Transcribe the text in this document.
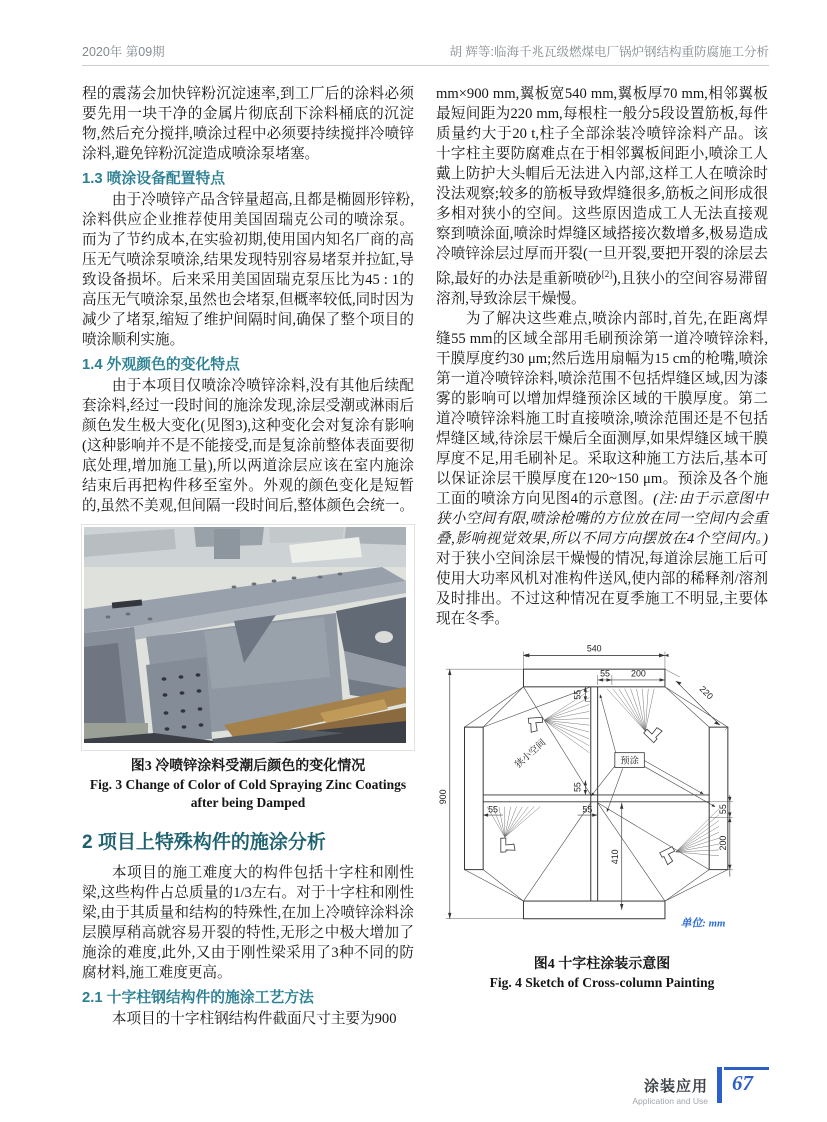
2020年 第09期	胡 辉等:临海千兆瓦级燃煤电厂锅炉钢结构重防腐施工分析

程的震荡会加快锌粉沉淀速率,到工厂后的涂料必须要先用一块干净的金属片彻底刮下涂料桶底的沉淀物,然后充分搅拌,喷涂过程中必须要持续搅拌冷喷锌涂料,避免锌粉沉淀造成喷涂泵堵塞。

1.3 喷涂设备配置特点

由于冷喷锌产品含锌量超高,且都是椭圆形锌粉,涂料供应企业推荐使用美国固瑞克公司的喷涂泵。而为了节约成本,在实验初期,使用国内知名厂商的高压无气喷涂泵喷涂,结果发现特别容易堵泵并拉缸,导致设备损坏。后来采用美国固瑞克泵压比为45 : 1的高压无气喷涂泵,虽然也会堵泵,但概率较低,同时因为减少了堵泵,缩短了维护间隔时间,确保了整个项目的喷涂顺利实施。

1.4 外观颜色的变化特点

由于本项目仅喷涂冷喷锌涂料,没有其他后续配套涂料,经过一段时间的施涂发现,涂层受潮或淋雨后颜色发生极大变化(见图3),这种变化会对复涂有影响(这种影响并不是不能接受,而是复涂前整体表面要彻底处理,增加施工量),所以两道涂层应该在室内施涂结束后再把构件移至室外。外观的颜色变化是短暂的,虽然不美观,但间隔一段时间后,整体颜色会统一。

图3 冷喷锌涂料受潮后颜色的变化情况
Fig. 3 Change of Color of Cold Spraying Zinc Coatings
after being Damped
2 项目上特殊构件的施涂分析

本项目的施工难度大的构件包括十字柱和刚性梁,这些构件占总质量的1/3左右。对于十字柱和刚性梁,由于其质量和结构的特殊性,在加上冷喷锌涂料涂层膜厚稍高就容易开裂的特性,无形之中极大增加了施涂的难度,此外,又由于刚性梁采用了3种不同的防腐材料,施工难度更高。

2.1 十字柱钢结构件的施涂工艺方法

本项目的十字柱钢结构件截面尺寸主要为900

mm×900 mm,翼板宽540 mm,翼板厚70 mm,相邻翼板最短间距为220 mm,每根柱一般分5段设置筋板,每件质量约大于20 t,柱子全部涂装冷喷锌涂料产品。该十字柱主要防腐难点在于相邻翼板间距小,喷涂工人戴上防护大头帽后无法进入内部,这样工人在喷涂时没法观察;较多的筋板导致焊缝很多,筋板之间形成很多相对狭小的空间。这些原因造成工人无法直接观察到喷涂面,喷涂时焊缝区域搭接次数增多,极易造成冷喷锌涂层过厚而开裂(一旦开裂,要把开裂的涂层去除,最好的办法是重新喷砂[2]),且狭小的空间容易滞留溶剂,导致涂层干燥慢。

为了解决这些难点,喷涂内部时,首先,在距离焊缝55 mm的区域全部用毛刷预涂第一道冷喷锌涂料,干膜厚度约30 μm;然后选用扇幅为15 cm的枪嘴,喷涂第一道冷喷锌涂料,喷涂范围不包括焊缝区域,因为漆雾的影响可以增加焊缝预涂区域的干膜厚度。第二道冷喷锌涂料施工时直接喷涂,喷涂范围还是不包括焊缝区域,待涂层干燥后全面测厚,如果焊缝区域干膜厚度不足,用毛刷补足。采取这种施工方法后,基本可以保证涂层干膜厚度在120~150 μm。预涂及各个施工面的喷涂方向见图4的示意图。(注:由于示意图中狭小空间有限,喷涂枪嘴的方位放在同一空间内会重叠,影响视觉效果,所以不同方向摆放在4个空间内。)对于狭小空间涂层干燥慢的情况,每道涂层施工后可使用大功率风机对准构件送风,使内部的稀释剂/溶剂及时排出。不过这种情况在夏季施工不明显,主要体现在冬季。

540
55 200
220
900
55
55
55	55
410
55
200
狭小空间	预涂
单位: mm
图4 十字柱涂装示意图
Fig. 4 Sketch of Cross-column Painting
涂装应用
Application and Use
67
